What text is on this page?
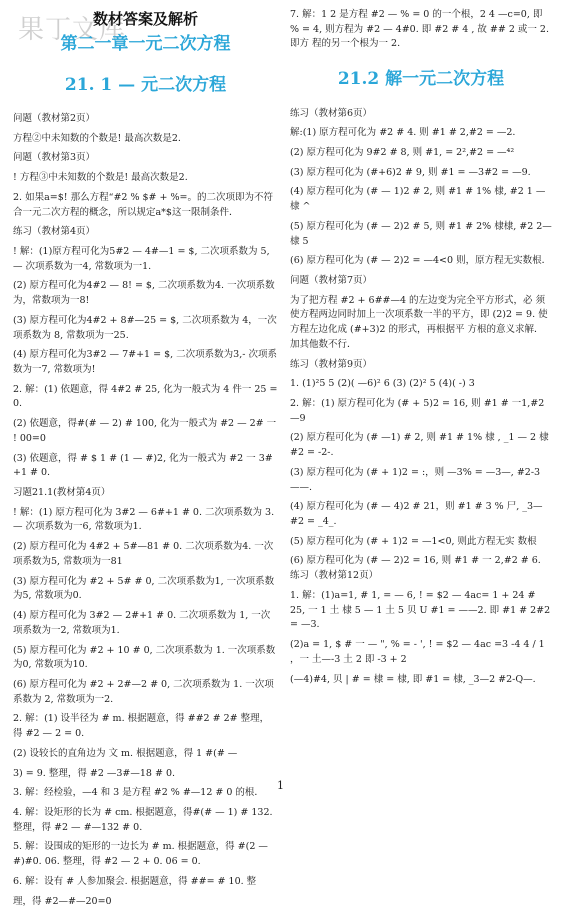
果丁文库
数材答案及解析
第二一章一元二次方程
21. 1 — 元二次方程
问题（教材第2页）
方程②中未知数的个数是! 最高次数是2.
问题（教材第3页）
! 方程③中未知数的个数是! 最高次数是2.
2. 如果a=$! 那么方程“#2 % $# + %=。的二次项即为不符合一元二次方程的概念，所以规定a*$这一限制条件．
练习（教材第4页）
! 解：(1)原方程可化为5#2 — 4#—1 = $, 二次项系数为 5,— 次项系数为一4, 常数项为一1.
(2) 原方程可化为4#2 — 8! = $, 二次项系数为4. 一次项系数为，常数项为一8!
(3) 原方程可化为4#2 + 8#—25 = $, 二次项系数为 4，一次项系数为 8, 常数项为一25.
(4) 原方程可化为3#2 — 7#+1 = $, 二次项系数为3,- 次项系数为一7, 常数项为!
2. 解：(1) 依题意，得 4#2 # 25, 化为一般式为 4 件一 25 = 0.
(2) 依题意，得#(# — 2) # 100, 化为一般式为 #2 — 2# 一 ! 00=0
(3) 依题意，得 # $ 1 # (1 — #)2, 化为一般式为 #2 一 3# +1 # 0.
习题21.1(教材第4页）
! 解：(1) 原方程可化为 3#2 — 6#+1 # 0. 二次项系数为 3.— 次项系数为一6, 常数项为1.
(2) 原方程可化为 4#2 + 5#—81 # 0. 二次项系数为4. 一次项系数为5, 常数项为一81
(3) 原方程可化为 #2 + 5# # 0, 二次项系数为1, 一次项系数为5, 常数项为0.
(4) 原方程可化为 3#2 — 2#+1 # 0. 二次项系数为 1, 一次项系数为一2, 常数项为1.
(5) 原方程可化为 #2 + 10 # 0, 二次项系数为 1. 一次项系数为0, 常数项为10.
(6) 原方程可化为 #2 + 2#—2 # 0, 二次项系数为 1. 一次项系数为 2, 常数项为一2.
2. 解：(1) 设半径为 # m. 根据题意，得 ##2 # 2# 整理，得 #2 — 2 = 0.
(2) 设较长的直角边为 文 m. 根据题意，得 1 #(# —
3) = 9. 整理，得 #2 —3#—18 # 0.
3. 解：经检验，—4 和 3 是方程 #2 % #—12 # 0 的根．
4. 解：设矩形的长为 # cm. 根据题意，得#(# — 1) # 132. 整理，得 #2 — #—132 # 0.
5. 解：设围成的矩形的一边长为 # m. 根据题意，得 #(2 — #)#0. 06. 整理，得 #2 — 2 + 0. 06 = 0.
6. 解：设有 # 人参加聚会. 根据题意，得 ##= # 10. 整
理，得 #2—#—20=0
7. 解：1 2 是方程 #2 — % = 0 的一个根，2 4 —c=0, 即 % = 4, 则方程为 #2 — 4#0. 即 #2 # 4 , 故 ## 2 或一 2. 即方 程的另一个根为一 2.
21.2 解一元二次方程
练习（教材第6页）
解:(1) 原方程可化为 #2 # 4. 则 #1 # 2,#2 = —2.
(2) 原方程可化为 9#2 # 8, 则 #1, = 2²,#2 = —⁴²
(3) 原方程可化为 (#+6)2 # 9, 则 #1 = —3#2 = —9.
(4) 原方程可化为 (# — 1)2 # 2, 则 #1 # 1% 棣, #2 1 — 棣 ^
(5) 原方程可化为 (# — 2)2 # 5, 则 #1 # 2% 棣棣, #2 2— 棣 5
(6) 原方程可化为 (# — 2)2 = —4<0 则，原方程无实数根．
问题（教材第7页）
为了把方程 #2 + 6##—4 的左边变为完全平方形式，必 须使方程两边同时加上一次项系数一半的平方，即 (2)2 = 9. 使方程左边化成 (#+3)2 的形式，再根据平 方根的意义求解．加其他数不行．
练习（教材第9页）
1. (1)²5 5 (2)( —6)² 6 (3) (2)² 5 (4)( -) 3
2. 解：(1) 原方程可化为 (# + 5)2 = 16, 则 #1 # 一1,#2—9
(2) 原方程可化为 (# —1) # 2, 则 #1 # 1% 棣 , _1 — 2 棣 #2 = -2-.
(3) 原方程可化为 (# + 1)2 = :，则 —3% = —3—, #2-3——.
(4) 原方程可化为 (# — 4)2 # 21，则 #1 # 3 % 尸, _3— #2 = _4_.
(5) 原方程可化为 (# + 1)2 = —1<0, 则此方程无实 数根
(6) 原方程可化为 (# — 2)2 = 16, 则 #1 # 一 2,#2 # 6. 练习（教材第12页）
1. 解：(1)a=1, # 1, = — 6, ! = $2 — 4ac= 1 + 24 # 25, 一 1 土 棣 5 — 1 土 5 贝 U #1 = ——2. 即 #1 # 2#2 = —3.
(2)a = 1, $ # 一 — ", % = - ', ! = $2 — 4ac =3 -4 4 / 1 ，一 土—-3 土 2 即 -3 + 2
(—4)#4, 贝 | # = 棣 = 棣, 即 #1 = 棣, _3—2 #2-Q—.
1
